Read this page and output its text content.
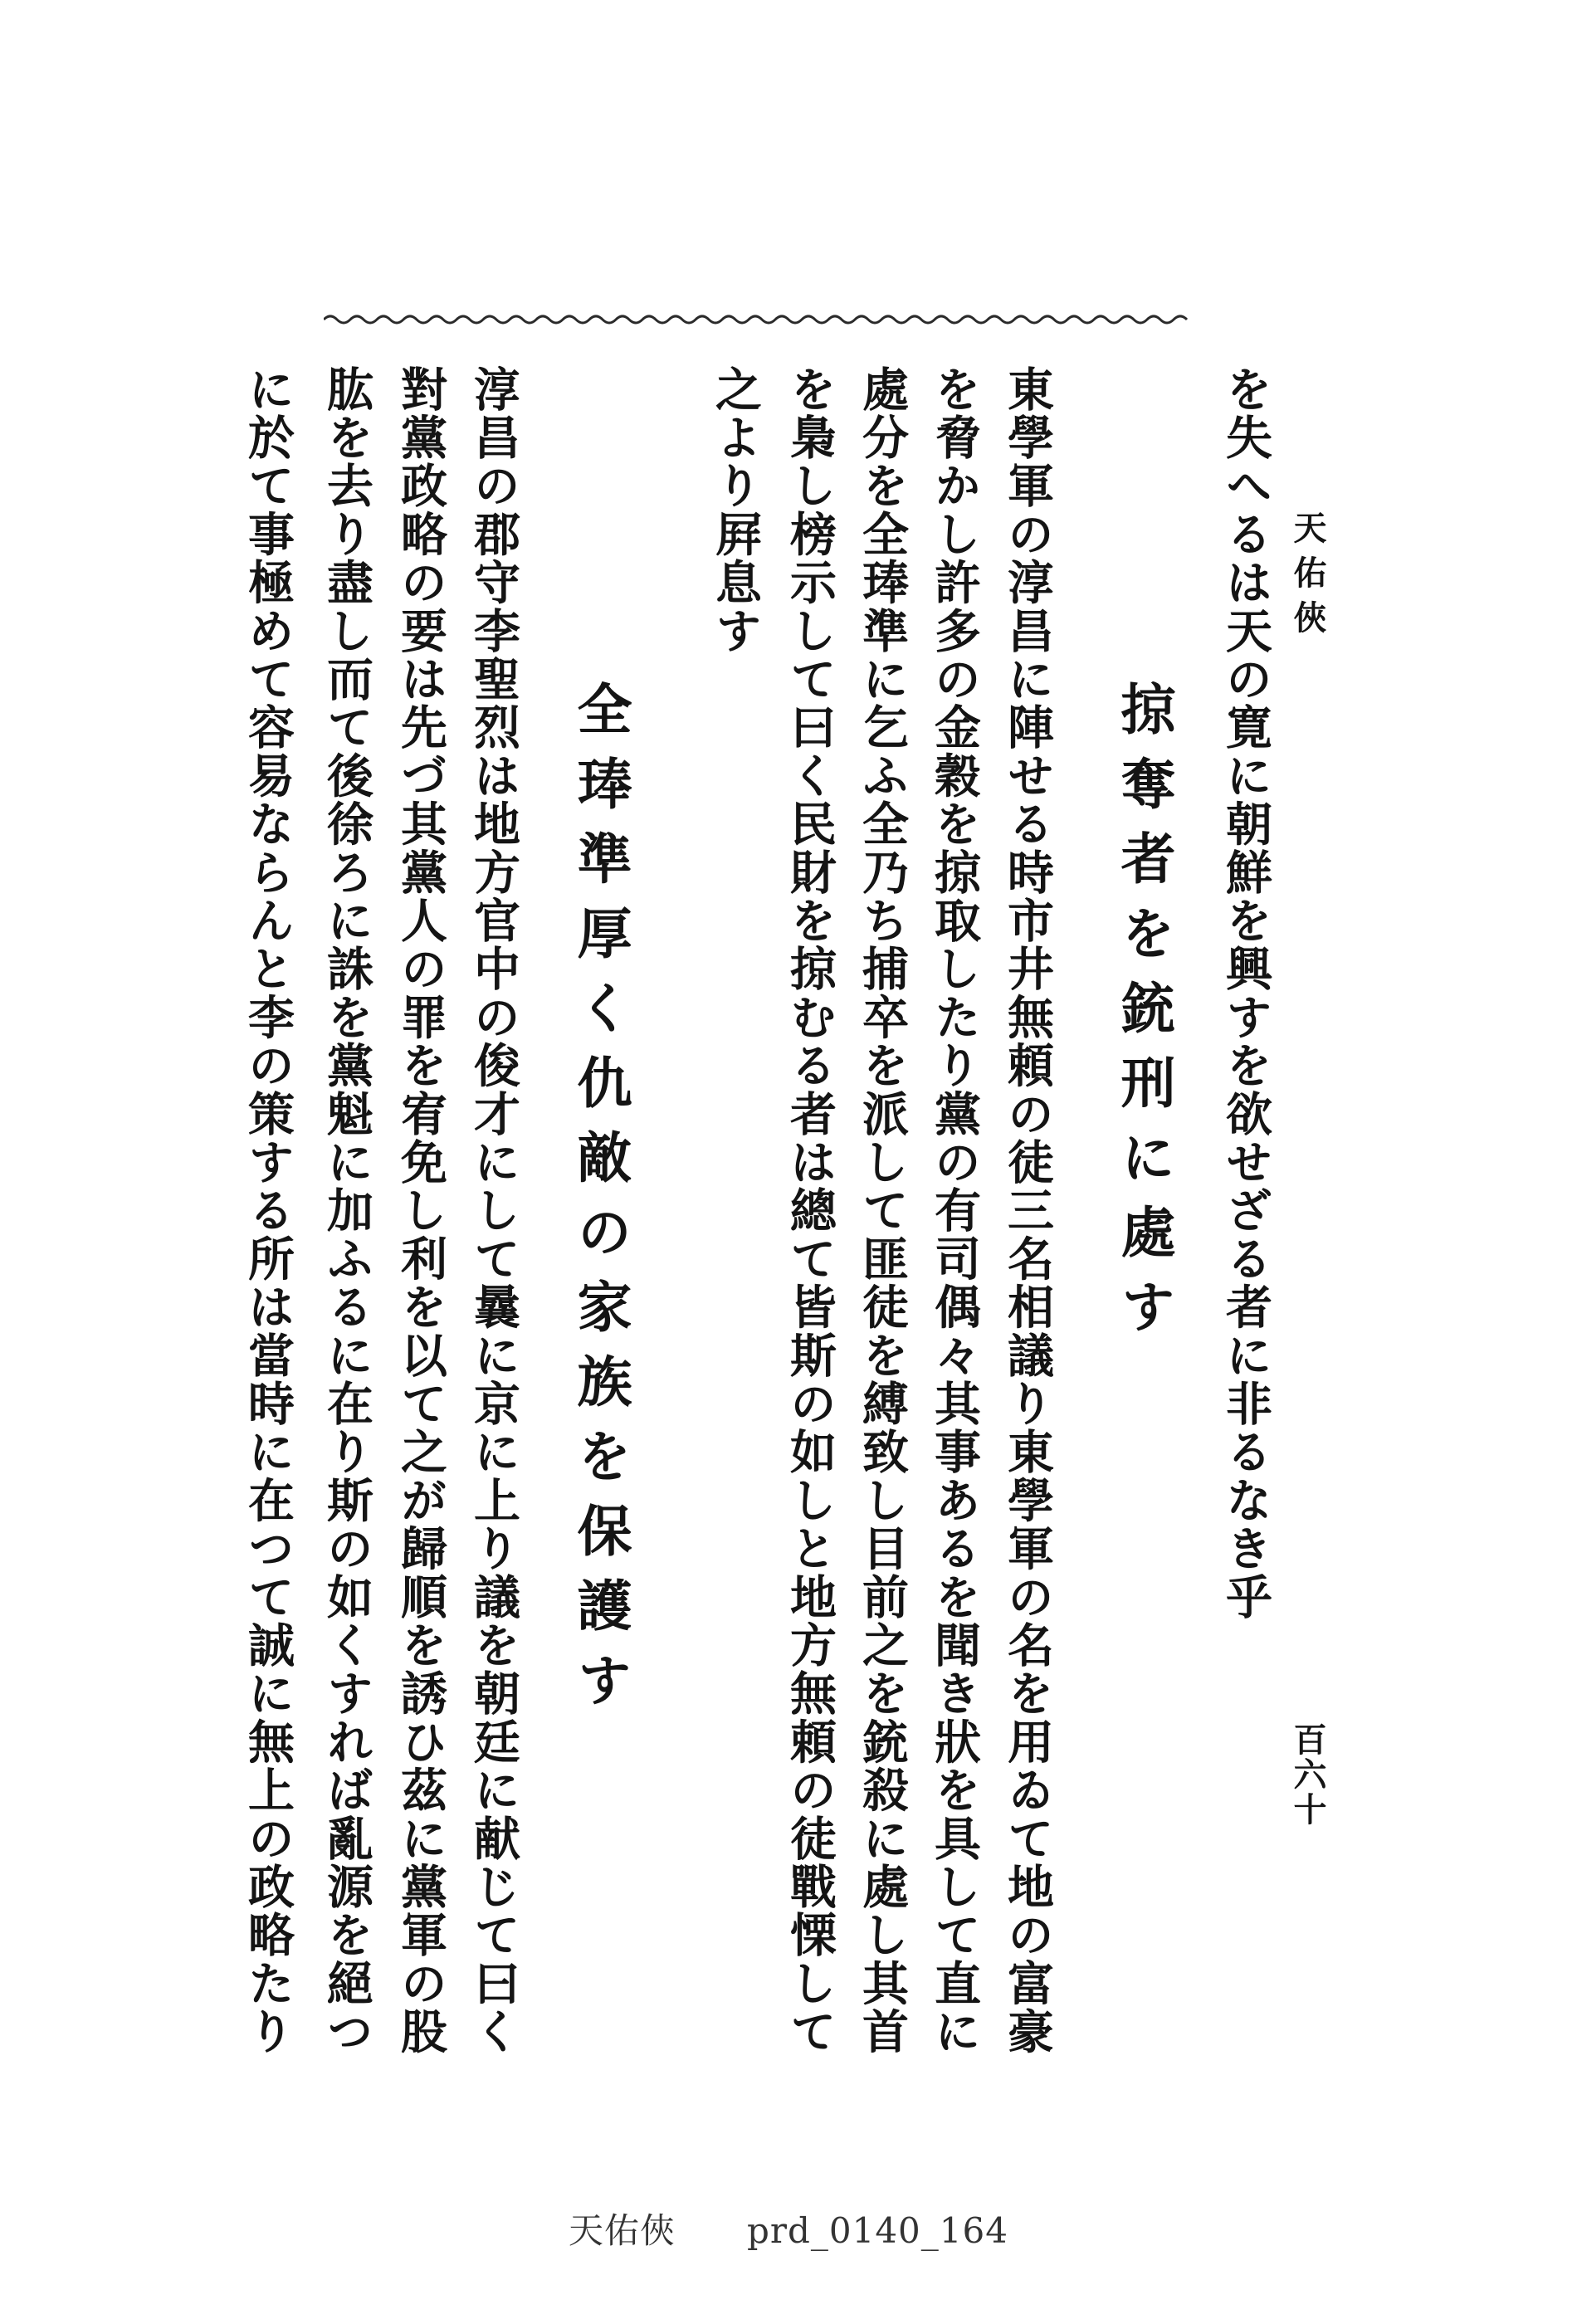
天佑俠
百六十
を失へるは天の寛に朝鮮を興すを欲せざる者に非るなき乎
掠奪者を銃刑に處す
東學軍の淳昌に陣せる時市井無頼の徒三名相議り東學軍の名を用ゐて地の富豪
を脅かし許多の金穀を掠取したり黨の有司偶々其事あるを聞き狀を具して直に
處分を全琫準に乞ふ全乃ち捕卒を派して匪徒を縛致し目前之を銃殺に處し其首
を梟し榜示して曰く民財を掠むる者は總て皆斯の如しと地方無頼の徒戰慄して
之より屛息す
全琫準厚く仇敵の家族を保護す
淳昌の郡守李聖烈は地方官中の俊才にして曩に京に上り議を朝廷に献じて曰く
對黨政略の要は先づ其黨人の罪を宥免し利を以て之が歸順を誘ひ茲に黨軍の股
肱を去り盡し而て後徐ろに誅を黨魁に加ふるに在り斯の如くすれば亂源を絕つ
に於て事極めて容易ならんと李の策する所は當時に在つて誠に無上の政略たり
天佑俠　　prd_0140_164
